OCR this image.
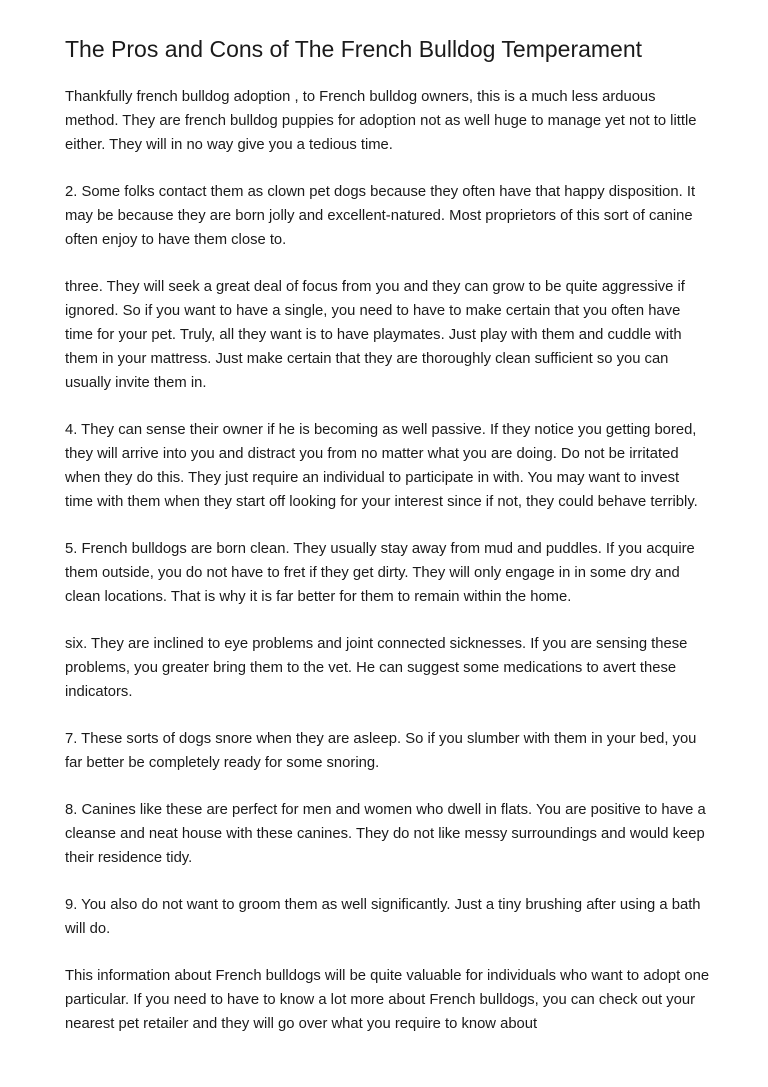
The Pros and Cons of The French Bulldog Temperament

Thankfully french bulldog adoption , to French bulldog owners, this is a much less arduous method. They are french bulldog puppies for adoption not as well huge to manage yet not to little either. They will in no way give you a tedious time.

2. Some folks contact them as clown pet dogs because they often have that happy disposition. It may be because they are born jolly and excellent-natured. Most proprietors of this sort of canine often enjoy to have them close to.

three. They will seek a great deal of focus from you and they can grow to be quite aggressive if ignored. So if you want to have a single, you need to have to make certain that you often have time for your pet. Truly, all they want is to have playmates. Just play with them and cuddle with them in your mattress. Just make certain that they are thoroughly clean sufficient so you can usually invite them in.

4. They can sense their owner if he is becoming as well passive. If they notice you getting bored, they will arrive into you and distract you from no matter what you are doing. Do not be irritated when they do this. They just require an individual to participate in with. You may want to invest time with them when they start off looking for your interest since if not, they could behave terribly.

5. French bulldogs are born clean. They usually stay away from mud and puddles. If you acquire them outside, you do not have to fret if they get dirty. They will only engage in in some dry and clean locations. That is why it is far better for them to remain within the home.

six. They are inclined to eye problems and joint connected sicknesses. If you are sensing these problems, you greater bring them to the vet. He can suggest some medications to avert these indicators.

7. These sorts of dogs snore when they are asleep. So if you slumber with them in your bed, you far better be completely ready for some snoring.

8. Canines like these are perfect for men and women who dwell in flats. You are positive to have a cleanse and neat house with these canines. They do not like messy surroundings and would keep their residence tidy.

9. You also do not want to groom them as well significantly. Just a tiny brushing after using a bath will do.

This information about French bulldogs will be quite valuable for individuals who want to adopt one particular. If you need to have to know a lot more about French bulldogs, you can check out your nearest pet retailer and they will go over what you require to know about
